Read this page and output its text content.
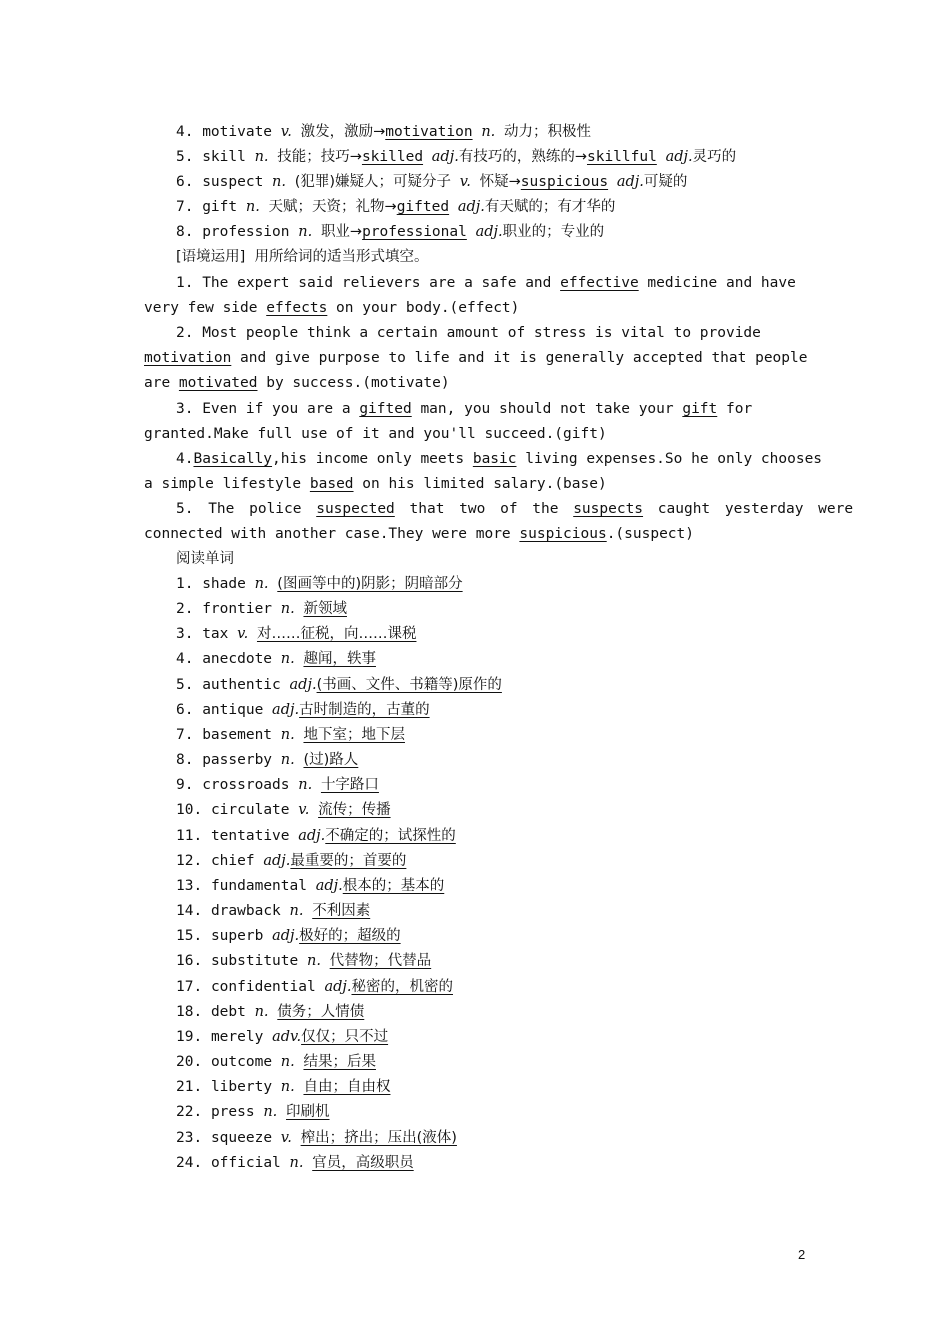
4. motivate v. 激发，激励→motivation n. 动力；积极性
5. skill n. 技能；技巧→skilled adj.有技巧的，熟练的→skillful adj.灵巧的
6. suspect n. (犯罪)嫌疑人；可疑分子 v. 怀疑→suspicious adj.可疑的
7. gift n. 天赋；天资；礼物→gifted adj.有天赋的；有才华的
8. profession n. 职业→professional adj.职业的；专业的
[语境运用]  用所给词的适当形式填空。
1. The expert said relievers are a safe and effective medicine and have
very few side effects on your body.(effect)
2. Most people think a certain amount of stress is vital to provide
motivation and give purpose to life and it is generally accepted that people
are motivated by success.(motivate)
3. Even if you are a gifted man, you should not take your gift for
granted.Make full use of it and you'll succeed.(gift)
4.Basically,his income only meets basic living expenses.So he only chooses
a simple lifestyle based on his limited salary.(base)
5. The police suspected that two of the suspects caught yesterday were
connected with another case.They were more suspicious.(suspect)
阅读单词
1. shade n. (图画等中的)阴影；阴暗部分
2. frontier n. 新领域
3. tax v. 对……征税，向……课税
4. anecdote n. 趣闻，轶事
5. authentic adj.(书画、文件、书籍等)原作的
6. antique adj.古时制造的，古董的
7. basement n. 地下室；地下层
8. passerby n. (过)路人
9. crossroads n. 十字路口
10. circulate v. 流传；传播
11. tentative adj.不确定的；试探性的
12. chief adj.最重要的；首要的
13. fundamental adj.根本的；基本的
14. drawback n. 不利因素
15. superb adj.极好的；超级的
16. substitute n. 代替物；代替品
17. confidential adj.秘密的，机密的
18. debt n. 债务；人情债
19. merely adv.仅仅；只不过
20. outcome n. 结果；后果
21. liberty n. 自由；自由权
22. press n. 印刷机
23. squeeze v. 榨出；挤出；压出(液体)
24. official n. 官员，高级职员
2
